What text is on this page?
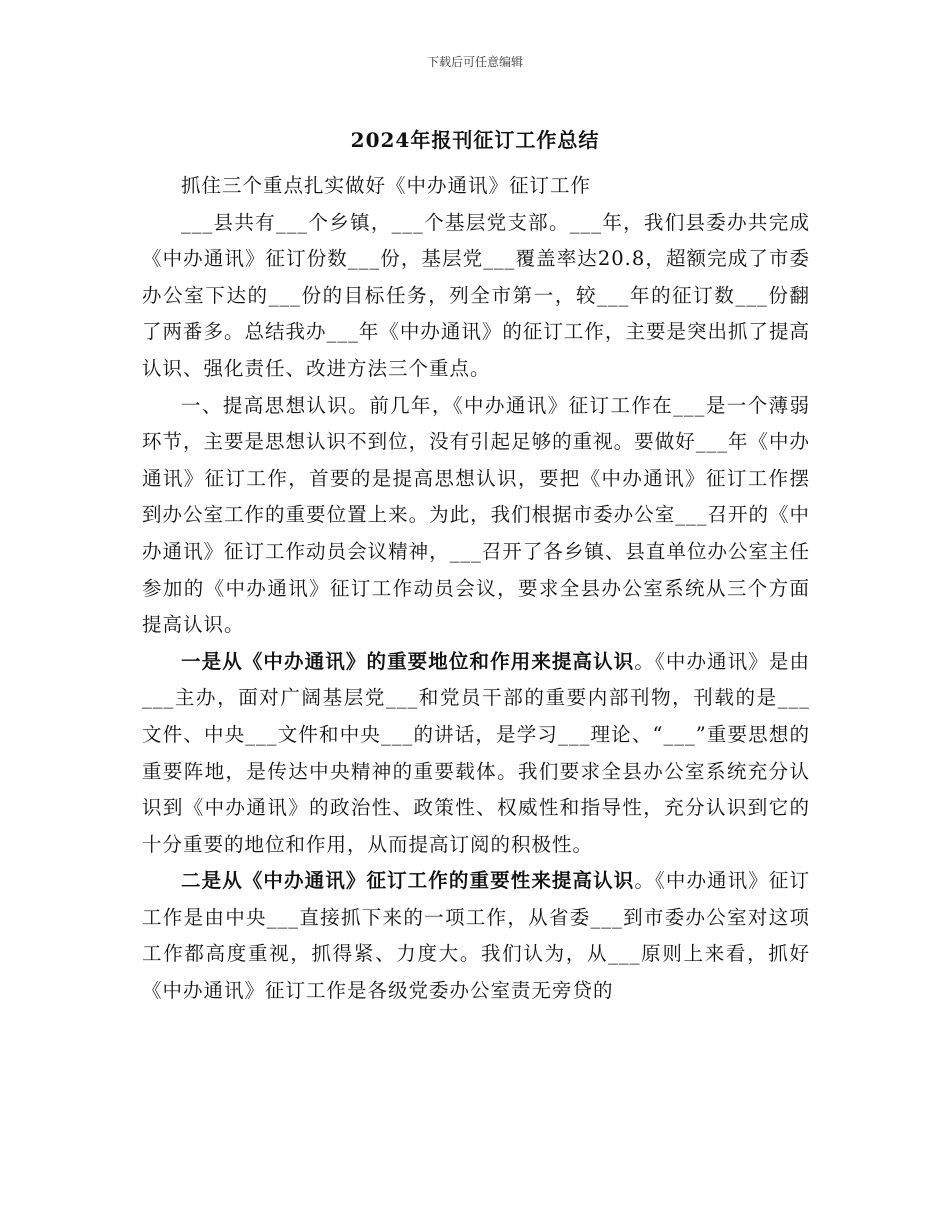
下载后可任意编辑
2024年报刊征订工作总结

抓住三个重点扎实做好《中办通讯》征订工作

___县共有___个乡镇，___个基层党支部。___年，我们县委办共完成《中办通讯》征订份数___份，基层党___覆盖率达20.8，超额完成了市委办公室下达的___份的目标任务，列全市第一，较___年的征订数___份翻了两番多。总结我办___年《中办通讯》的征订工作，主要是突出抓了提高认识、强化责任、改进方法三个重点。

一、提高思想认识。前几年，《中办通讯》征订工作在___是一个薄弱环节，主要是思想认识不到位，没有引起足够的重视。要做好___年《中办通讯》征订工作，首要的是提高思想认识，要把《中办通讯》征订工作摆到办公室工作的重要位置上来。为此，我们根据市委办公室___召开的《中办通讯》征订工作动员会议精神，___召开了各乡镇、县直单位办公室主任参加的《中办通讯》征订工作动员会议，要求全县办公室系统从三个方面提高认识。

一是从《中办通讯》的重要地位和作用来提高认识。《中办通讯》是由___主办，面对广阔基层党___和党员干部的重要内部刊物，刊载的是___文件、中央___文件和中央___的讲话，是学习___理论、“___”重要思想的重要阵地，是传达中央精神的重要载体。我们要求全县办公室系统充分认识到《中办通讯》的政治性、政策性、权威性和指导性，充分认识到它的十分重要的地位和作用，从而提高订阅的积极性。

二是从《中办通讯》征订工作的重要性来提高认识。《中办通讯》征订工作是由中央___直接抓下来的一项工作，从省委___到市委办公室对这项工作都高度重视，抓得紧、力度大。我们认为，从___原则上来看，抓好《中办通讯》征订工作是各级党委办公室责无旁贷的
